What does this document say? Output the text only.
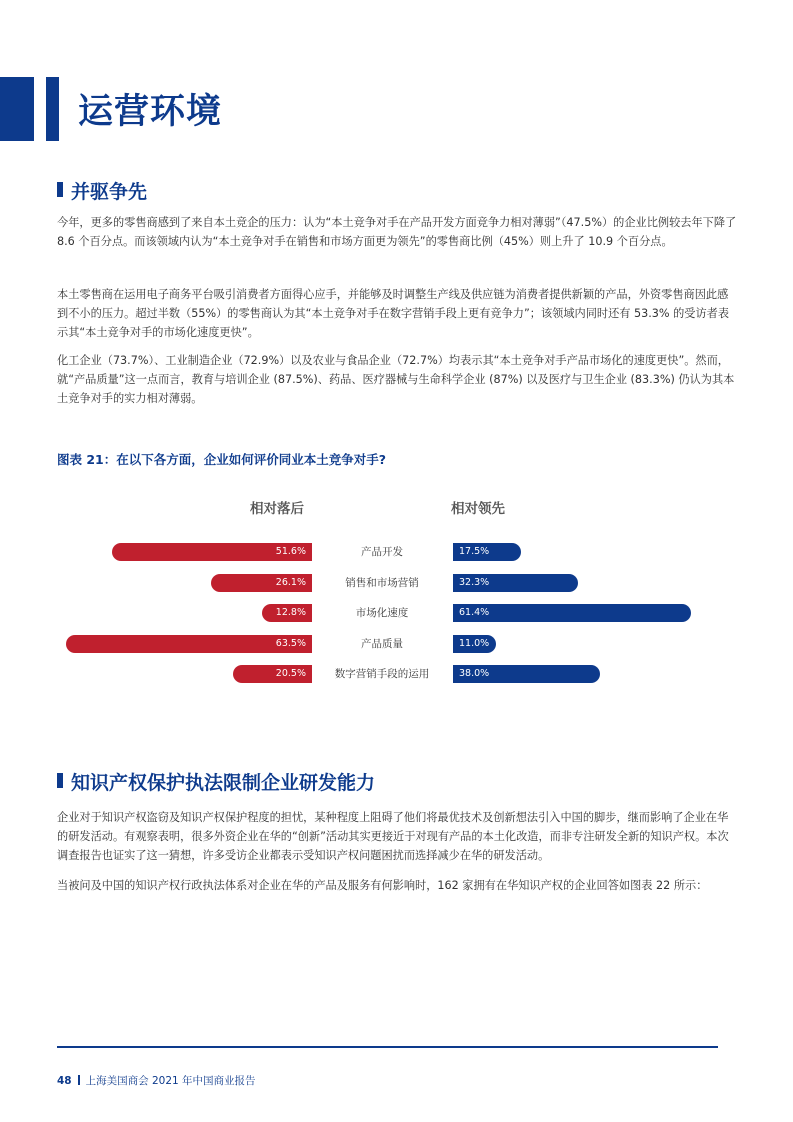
运营环境
并驱争先

今年，更多的零售商感到了来自本土竞企的压力：认为“本土竞争对手在产品开发方面竞争力相对薄弱”（47.5%）的企业比例较去年下降了 8.6 个百分点。而该领域内认为“本土竞争对手在销售和市场方面更为领先”的零售商比例（45%）则上升了 10.9 个百分点。

本土零售商在运用电子商务平台吸引消费者方面得心应手，并能够及时调整生产线及供应链为消费者提供新颖的产品，外资零售商因此感到不小的压力。超过半数（55%）的零售商认为其“本土竞争对手在数字营销手段上更有竞争力”；该领域内同时还有 53.3% 的受访者表示其“本土竞争对手的市场化速度更快”。

化工企业（73.7%）、工业制造企业（72.9%）以及农业与食品企业（72.7%）均表示其“本土竞争对手产品市场化的速度更快”。然而，就“产品质量”这一点而言，教育与培训企业 (87.5%)、药品、医疗器械与生命科学企业 (87%) 以及医疗与卫生企业 (83.3%) 仍认为其本土竞争对手的实力相对薄弱。

图表 21：在以下各方面，企业如何评价同业本土竞争对手?
相对落后	相对领先
51.6%	产品开发	17.5%
26.1%	销售和市场营销	32.3%
12.8%	市场化速度	61.4%
63.5%	产品质量	11.0%
20.5%	数字营销手段的运用	38.0%
知识产权保护执法限制企业研发能力

企业对于知识产权盗窃及知识产权保护程度的担忧，某种程度上阻碍了他们将最优技术及创新想法引入中国的脚步，继而影响了企业在华的研发活动。有观察表明，很多外资企业在华的“创新”活动其实更接近于对现有产品的本土化改造，而非专注研发全新的知识产权。本次调查报告也证实了这一猜想，许多受访企业都表示受知识产权问题困扰而选择减少在华的研发活动。

当被问及中国的知识产权行政执法体系对企业在华的产品及服务有何影响时，162 家拥有在华知识产权的企业回答如图表 22 所示：

48 上海美国商会 2021 年中国商业报告
